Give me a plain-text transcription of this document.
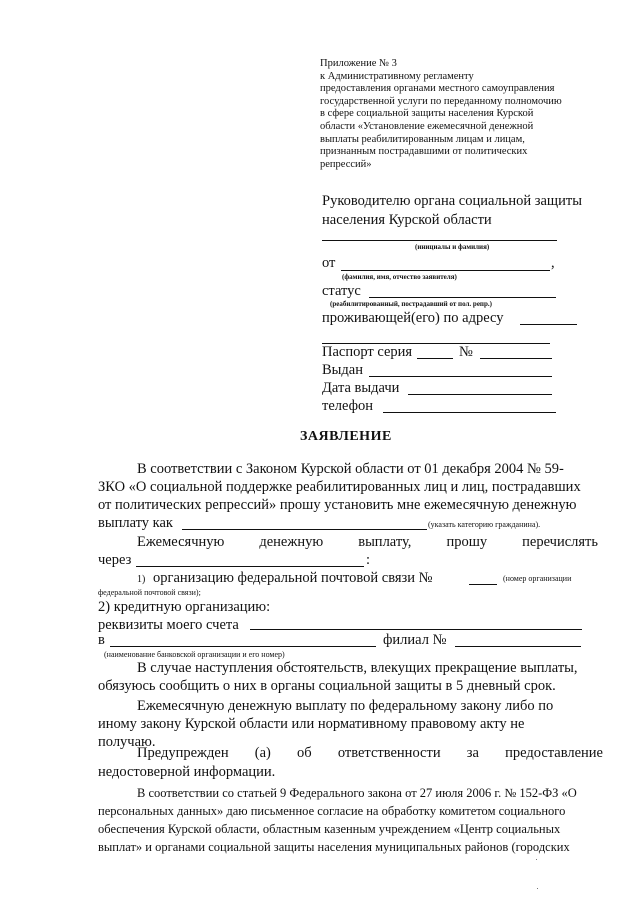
Приложение № 3
к Административному регламенту
предоставления органами местного самоуправления
государственной услуги по переданному полномочию
в сфере социальной защиты населения Курской
области «Установление ежемесячной денежной
выплаты реабилитированным лицам и лицам,
признанным пострадавшими от политических
репрессий»
Руководителю органа социальной защиты
населения Курской области
(инициалы и фамилия)
от	,
(фамилия, имя, отчество заявителя)
статус
(реабилитированный, пострадавший от пол. репр.)
проживающей(его) по адресу
Паспорт серия	№
Выдан
Дата выдачи
телефон
ЗАЯВЛЕНИЕ
В соответствии с Законом Курской области от 01 декабря 2004 № 59-
ЗКО «О социальной поддержке реабилитированных лиц и лиц, пострадавших
от политических репрессий» прошу установить мне ежемесячную денежную
выплату как	(указать категорию гражданина).
Ежемесячную денежную выплату, прошу перечислять
через	:
1) организацию федеральной почтовой связи №	(номер организации
федеральной почтовой связи);
2) кредитную организацию:
реквизиты моего счета
в	филиал №
(наименование банковской организации и его номер)
В случае наступления обстоятельств, влекущих прекращение выплаты,
обязуюсь сообщить о них в органы социальной защиты в 5 дневный срок.
Ежемесячную денежную выплату по федеральному закону либо по
иному закону Курской области или нормативному правовому акту не
получаю.
Предупрежден (а) об ответственности за предоставление
недостоверной информации.
В соответствии со статьей 9 Федерального закона от 27 июля 2006 г. № 152-ФЗ «О
персональных данных» даю письменное согласие на обработку комитетом социального
обеспечения Курской области, областным казенным учреждением «Центр социальных
выплат» и органами социальной защиты населения муниципальных районов (городских
